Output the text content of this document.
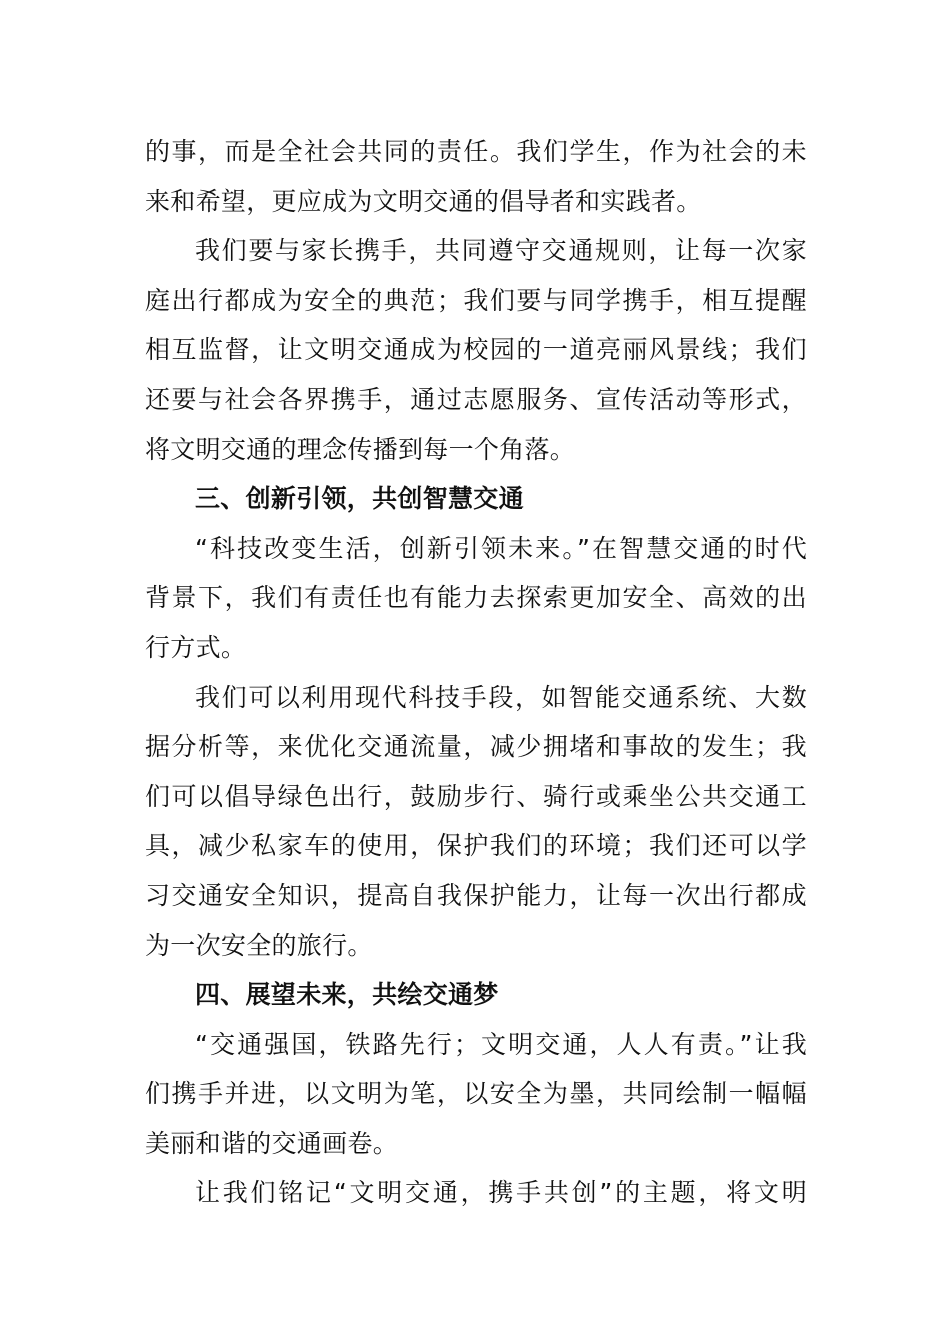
的事，而是全社会共同的责任。我们学生，作为社会的未
来和希望，更应成为文明交通的倡导者和实践者。
我们要与家长携手，共同遵守交通规则，让每一次家
庭出行都成为安全的典范；我们要与同学携手，相互提醒
相互监督，让文明交通成为校园的一道亮丽风景线；我们
还要与社会各界携手，通过志愿服务、宣传活动等形式，
将文明交通的理念传播到每一个角落。
三、创新引领，共创智慧交通
“科技改变生活，创新引领未来。”在智慧交通的时代
背景下，我们有责任也有能力去探索更加安全、高效的出
行方式。
我们可以利用现代科技手段，如智能交通系统、大数
据分析等，来优化交通流量，减少拥堵和事故的发生；我
们可以倡导绿色出行，鼓励步行、骑行或乘坐公共交通工
具，减少私家车的使用，保护我们的环境；我们还可以学
习交通安全知识，提高自我保护能力，让每一次出行都成
为一次安全的旅行。
四、展望未来，共绘交通梦
“交通强国，铁路先行；文明交通，人人有责。”让我
们携手并进，以文明为笔，以安全为墨，共同绘制一幅幅
美丽和谐的交通画卷。
让我们铭记“文明交通，携手共创”的主题，将文明
